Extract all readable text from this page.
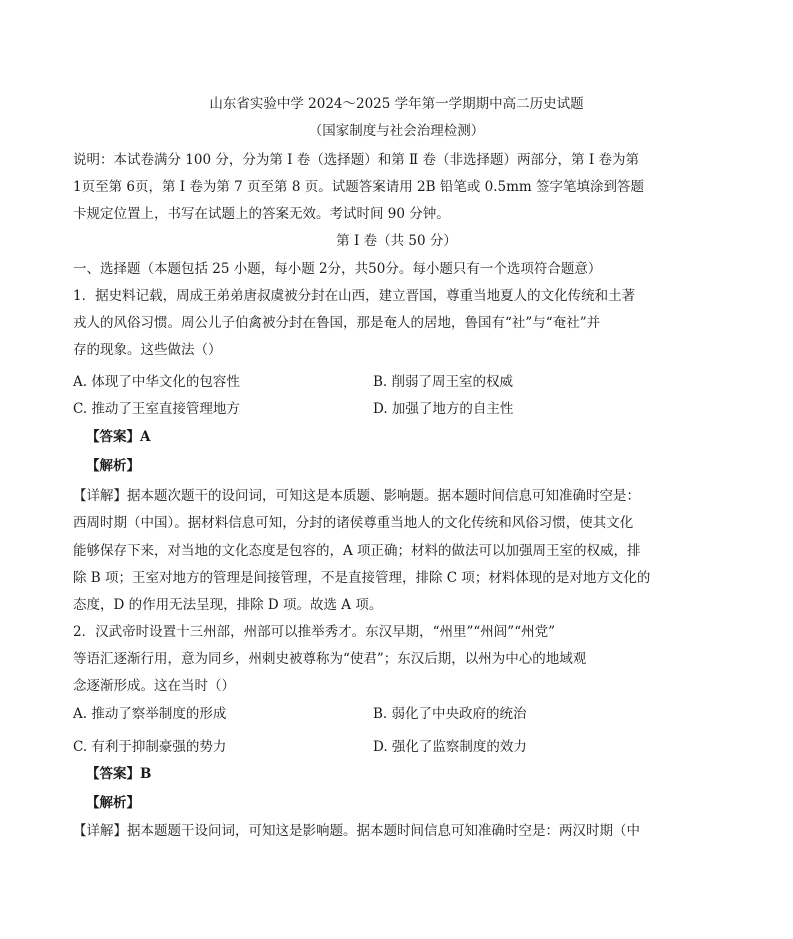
山东省实验中学 2024～2025 学年第一学期期中高二历史试题
（国家制度与社会治理检测）
说明：本试卷满分 100 分，分为第 Ⅰ 卷（选择题）和第 Ⅱ 卷（非选择题）两部分，第 Ⅰ 卷为第
1页至第 6页，第 Ⅰ 卷为第 7 页至第 8 页。试题答案请用 2B 铅笔或 0.5mm 签字笔填涂到答题
卡规定位置上，书写在试题上的答案无效。考试时间 90 分钟。
第 Ⅰ 卷（共 50 分）
一、选择题（本题包括 25 小题，每小题 2分，共50分。每小题只有一个选项符合题意）
1．据史料记载，周成王弟弟唐叔虞被分封在山西，建立晋国，尊重当地夏人的文化传统和土著
戎人的风俗习惯。周公儿子伯禽被分封在鲁国，那是奄人的居地，鲁国有“社”与“奄社”并
存的现象。这些做法（）
A. 体现了中华文化的包容性	B. 削弱了周王室的权威
C. 推动了王室直接管理地方	D. 加强了地方的自主性
【答案】A
【解析】
【详解】据本题次题干的设问词，可知这是本质题、影响题。据本题时间信息可知准确时空是：
西周时期（中国）。据材料信息可知，分封的诸侯尊重当地人的文化传统和风俗习惯，使其文化
能够保存下来，对当地的文化态度是包容的，A 项正确；材料的做法可以加强周王室的权威，排
除 B 项；王室对地方的管理是间接管理，不是直接管理，排除 C 项；材料体现的是对地方文化的
态度，D 的作用无法呈现，排除 D 项。故选 A 项。
2．汉武帝时设置十三州部，州部可以推举秀才。东汉早期，“州里”“州闾”“州党”
等语汇逐渐行用，意为同乡，州刺史被尊称为“使君”；东汉后期，以州为中心的地域观
念逐渐形成。这在当时（）
A. 推动了察举制度的形成	B. 弱化了中央政府的统治
C. 有利于抑制豪强的势力	D. 强化了监察制度的效力
【答案】B
【解析】
【详解】据本题题干设问词，可知这是影响题。据本题时间信息可知准确时空是：两汉时期（中
